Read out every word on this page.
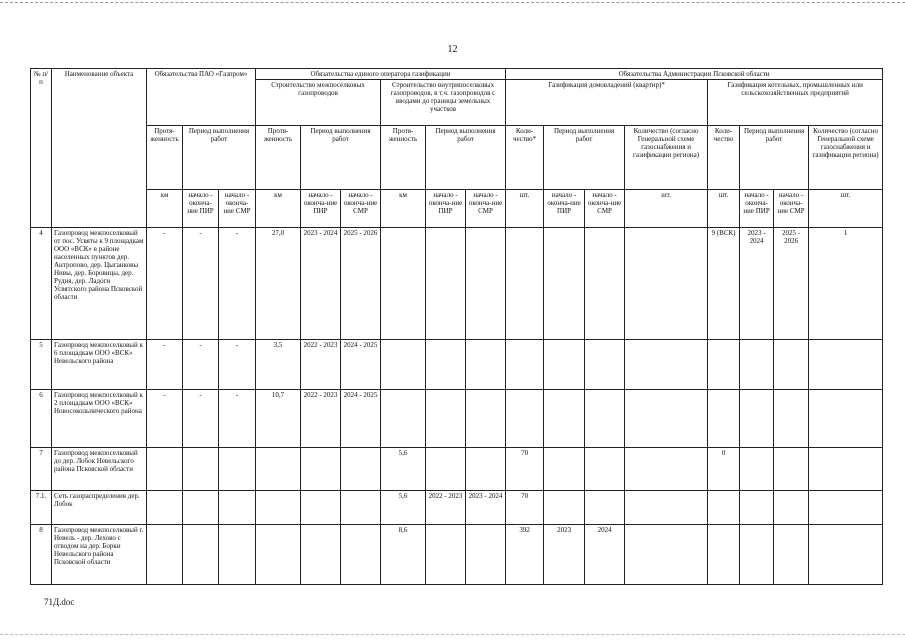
12
№ п/п	Наименование объекта	Обязательства ПАО «Газпром»			Обязательства единого оператора газификации						Обязательства Администрации Псковской области							
					Строительство межпоселковых газопроводов			Строительство внутрипоселковых газопроводов, в т.ч. газопроводов с вводами до границы земельных участков			Газификация домовладений (квартир)*				Газификация котельных, промышленных или сельскохозяйственных предприятий			
		Протя-женность	Период выполнения работ		Протя-женность	Период выполнения работ		Протя-женность	Период выполнения работ		Коли-чество*	Период выполнения работ		Количество (согласно Генеральной схеме газоснабжения и газификации региона)	Коли-чество	Период выполнения работ		Количество (согласно Генеральной схеме газоснабжения и газификации региона)
		км	начало - оконча-ние ПИР	начало - оконча-ние СМР	км	начало - оконча-ние ПИР	начало - оконча-ние СМР	км	начало - оконча-ние ПИР	начало - оконча-ние СМР	шт.	начало - оконча-ние ПИР	начало - оконча-ние СМР	шт.	шт.	начало - оконча-ние ПИР	начало - оконча-ние СМР	шт.
4	Газопровод межпоселковый от пос. Усвяты к 9 площадкам ООО «ВСК» в районе населенных пунктов дер. Антропово, дер. Цыганковы Нивы, дер. Боровицы, дер. Рудня, дер. Ладоги Усвятского района Псковской области	-	-	-	27,0	2023 - 2024	2025 - 2026								9 (ВСК)	2023 - 2024	2025 - 2026	1
5	Газопровод межпоселковый к 6 площадкам ООО «ВСК» Невельского района	-	-	-	3,5	2022 - 2023	2024 - 2025											
6	Газопровод межпоселковый к 2 площадкам ООО «ВСК» Новосокольнического района	-	-	-	10,7	2022 - 2023	2024 - 2025											
7	Газопровод межпоселковый до дер. Лобок Невельского района Псковской области							5,6			70				0			
7.1.	Сеть газораспределения дер. Лобок							5,6	2022 - 2023	2023 - 2024	70							
8	Газопровод межпоселковый г. Невель - дер. Лехово с отводом на дер. Борки Невельского района Псковской области							8,6			392	2023	2024					
71Д.doc
